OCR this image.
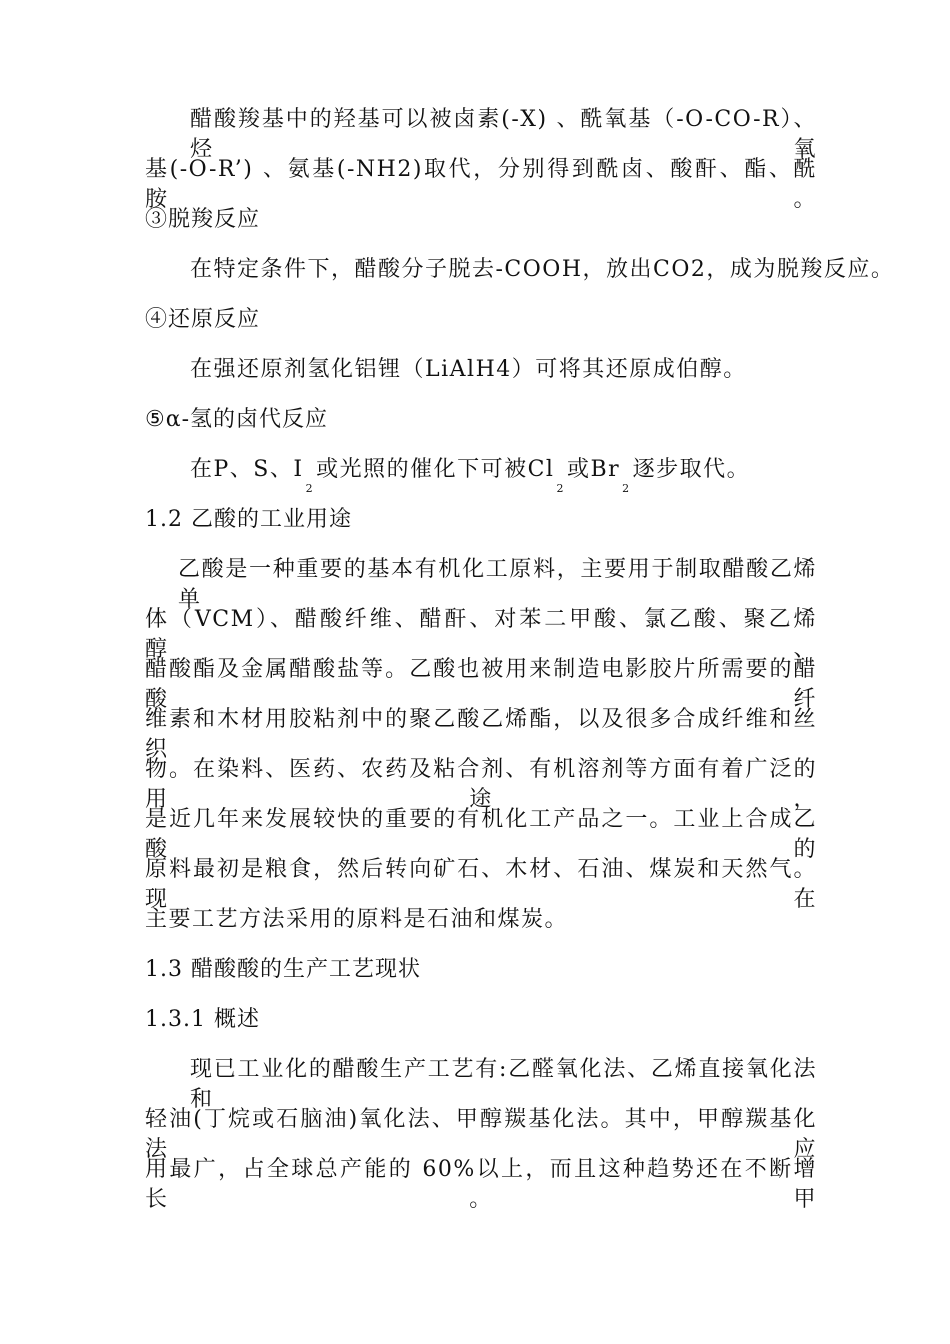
醋酸羧基中的羟基可以被卤素(-X) 、酰氧基（-O-CO-R）、烃氧
基(-O-R’) 、氨基(-NH2)取代，分别得到酰卤、酸酐、酯、酰胺。
③脱羧反应
在特定条件下，醋酸分子脱去-COOH，放出CO2，成为脱羧反应。
④还原反应
在强还原剂氢化铝锂（LiAlH4）可将其还原成伯醇。
⑤α-氢的卤代反应
在P、S、$I_2$或光照的催化下可被$Cl_2$或$Br_2$逐步取代。
1.2 乙酸的工业用途
乙酸是一种重要的基本有机化工原料，主要用于制取醋酸乙烯单
体（VCM）、醋酸纤维、醋酐、对苯二甲酸、氯乙酸、聚乙烯醇、
醋酸酯及金属醋酸盐等。乙酸也被用来制造电影胶片所需要的醋酸纤
维素和木材用胶粘剂中的聚乙酸乙烯酯，以及很多合成纤维和丝织
物。在染料、医药、农药及粘合剂、有机溶剂等方面有着广泛的用途，
是近几年来发展较快的重要的有机化工产品之一。工业上合成乙酸的
原料最初是粮食，然后转向矿石、木材、石油、煤炭和天然气。现在
主要工艺方法采用的原料是石油和煤炭。
1.3 醋酸酸的生产工艺现状
1.3.1 概述
现已工业化的醋酸生产工艺有:乙醛氧化法、乙烯直接氧化法和
轻油(丁烷或石脑油)氧化法、甲醇羰基化法。其中，甲醇羰基化法应
用最广，占全球总产能的 60%以上，而且这种趋势还在不断增长。甲
